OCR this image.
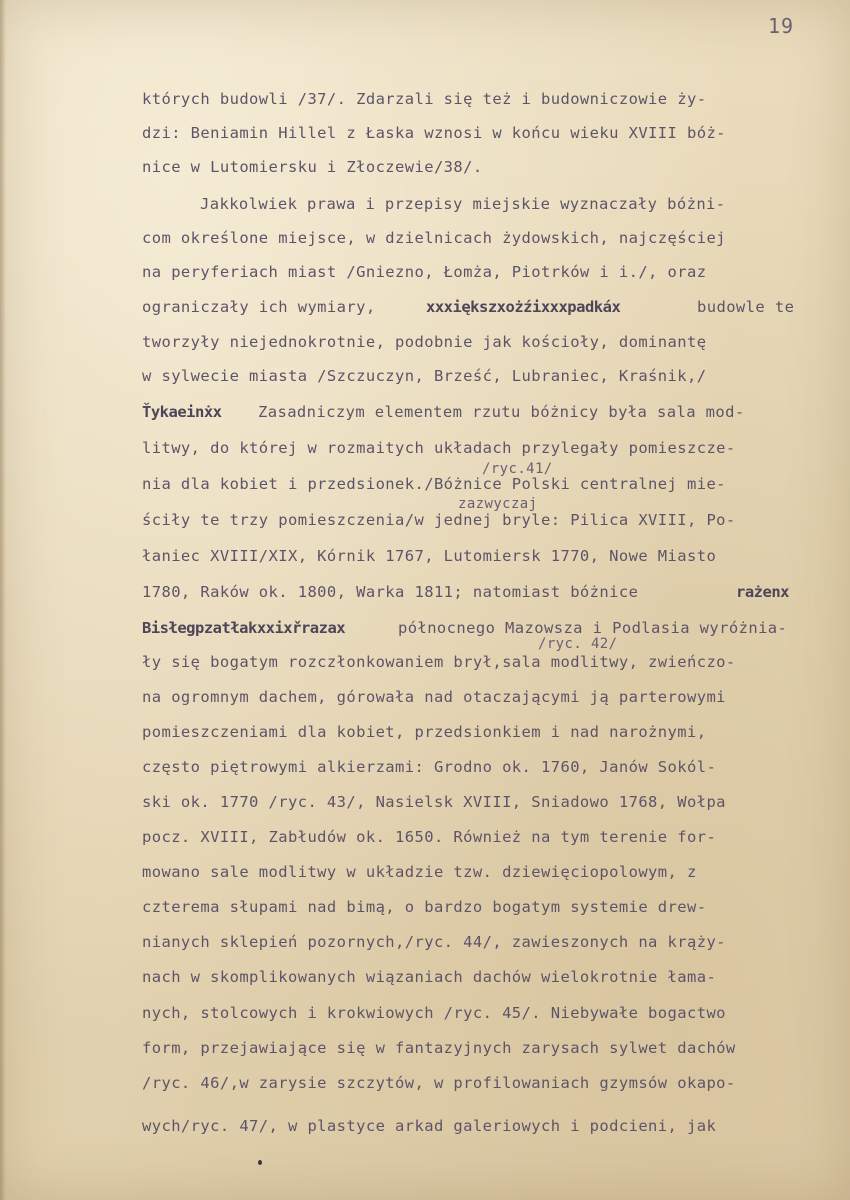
19
których budowli /37/. Zdarzali się też i budowniczowie ży-
dzi: Beniamin Hillel z Łaska wznosi w końcu wieku XVIII bóż-
nice w Lutomiersku i Złoczewie/38/.
Jakkolwiek prawa i przepisy miejskie wyznaczały bóżni-
com określone miejsce, w dzielnicach żydowskich, najczęściej
na peryferiach miast /Gniezno, Łomża, Piotrków i i./, oraz
ograniczały ich wymiary,	xxxiększxożźixxxpadkáx	budowle te
tworzyły niejednokrotnie, podobnie jak kościoły, dominantę
w sylwecie miasta /Szczuczyn, Brześć, Lubraniec, Kraśnik,/
Ťykaeinẋx Zasadniczym elementem rzutu bóżnicy była sala mod-
litwy, do której w rozmaitych układach przylegały pomieszcze-
/ryc.41/
nia dla kobiet i przedsionek./Bóżnice Polski centralnej mie-
zazwyczaj
ściły te trzy pomieszczenia/w jednej bryle: Pilica XVIII, Po-
łaniec XVIII/XIX, Kórnik 1767, Lutomiersk 1770, Nowe Miasto
1780, Raków ok. 1800, Warka 1811; natomiast bóżnice	rażenx
Bisłegpzatłakxxixřrazax	północnego Mazowsza i Podlasia wyróżnia-
/ryc. 42/
ły się bogatym rozczłonkowaniem brył,sala modlitwy, zwieńczo-
na ogromnym dachem, górowała nad otaczającymi ją parterowymi
pomieszczeniami dla kobiet, przedsionkiem i nad narożnymi,
często piętrowymi alkierzami: Grodno ok. 1760, Janów Sokól-
ski ok. 1770 /ryc. 43/, Nasielsk XVIII, Sniadowo 1768, Wołpa
pocz. XVIII, Zabłudów ok. 1650. Również na tym terenie for-
mowano sale modlitwy w układzie tzw. dziewięciopolowym, z
czterema słupami nad bimą, o bardzo bogatym systemie drew-
nianych sklepień pozornych,/ryc. 44/, zawieszonych na krąży-
nach w skomplikowanych wiązaniach dachów wielokrotnie łama-
nych, stolcowych i krokwiowych /ryc. 45/. Niebywałe bogactwo
form, przejawiające się w fantazyjnych zarysach sylwet dachów
/ryc. 46/,w zarysie szczytów, w profilowaniach gzymsów okapo-
wych/ryc. 47/, w plastyce arkad galeriowych i podcieni, jak
